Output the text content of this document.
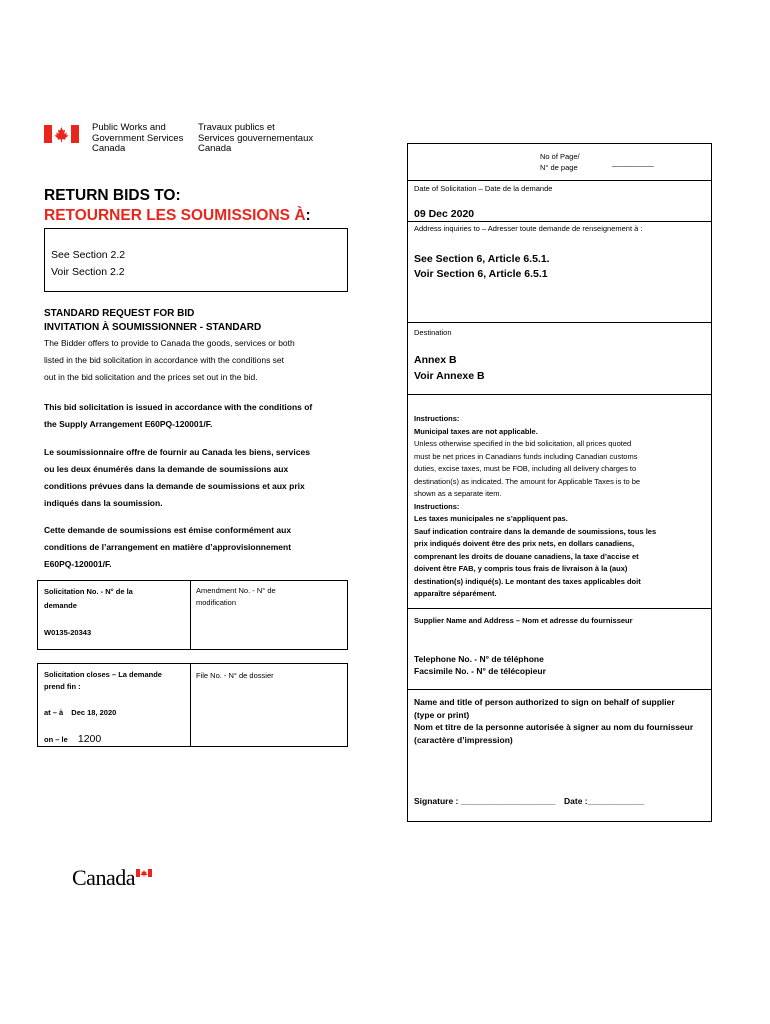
Public Works and
Government Services
Canada
Travaux publics et
Services gouvernementaux
Canada
No of Page/
N° de page	__________
Date of Solicitation – Date de la demande
09 Dec 2020
Address inquiries to – Adresser toute demande de renseignement à :
See Section 6, Article 6.5.1.
Voir Section 6, Article 6.5.1
Destination
Annex B
Voir Annexe B
Instructions:
Municipal taxes are not applicable.
Unless otherwise specified in the bid solicitation, all prices quoted
must be net prices in Canadians funds including Canadian customs
duties, excise taxes, must be FOB, including all delivery charges to
destination(s) as indicated. The amount for Applicable Taxes is to be
shown as a separate item.
Instructions:
Les taxes municipales ne s’appliquent pas.
Sauf indication contraire dans la demande de soumissions, tous les
prix indiqués doivent être des prix nets, en dollars canadiens,
comprenant les droits de douane canadiens, la taxe d’accise et
doivent être FAB, y compris tous frais de livraison à la (aux)
destination(s) indiqué(s). Le montant des taxes applicables doit
apparaître séparément.
Supplier Name and Address – Nom et adresse du fournisseur
Telephone No. - N° de téléphone
Facsimile No. - N° de télécopieur
Name and title of person authorized to sign on behalf of supplier
(type or print)
Nom et titre de la personne autorisée à signer au nom du fournisseur
(caractère d’impression)
Signature : ____________________ Date :____________
RETURN BIDS TO:
RETOURNER LES SOUMISSIONS À:
See Section 2.2
Voir Section 2.2
STANDARD REQUEST FOR BID
INVITATION À SOUMISSIONNER - STANDARD
The Bidder offers to provide to Canada the goods, services or both
listed in the bid solicitation in accordance with the conditions set
out in the bid solicitation and the prices set out in the bid.
This bid solicitation is issued in accordance with the conditions of
the Supply Arrangement E60PQ-120001/F.
Le soumissionnaire offre de fournir au Canada les biens, services
ou les deux énumérés dans la demande de soumissions aux
conditions prévues dans la demande de soumissions et aux prix
indiqués dans la soumission.
Cette demande de soumissions est émise conformément aux
conditions de l’arrangement en matière d’approvisionnement
E60PQ-120001/F.
Solicitation No. - N° de la
demande
W0135-20343
Amendment No. - N° de
modification
Solicitation closes – La demande
prend fin :
at – à Dec 18, 2020
on – le 1200
File No. - N° de dossier
Canada
